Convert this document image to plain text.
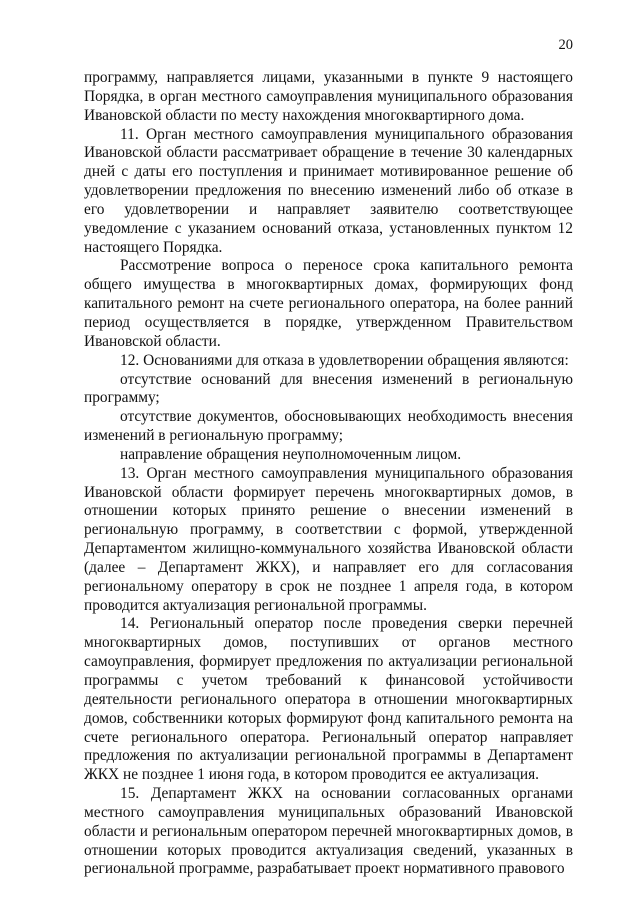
20

программу, направляется лицами, указанными в пункте 9 настоящего Порядка, в орган местного самоуправления муниципального образования Ивановской области по месту нахождения многоквартирного дома.

11. Орган местного самоуправления муниципального образования Ивановской области рассматривает обращение в течение 30 календарных дней с даты его поступления и принимает мотивированное решение об удовлетворении предложения по внесению изменений либо об отказе в его удовлетворении и направляет заявителю соответствующее уведомление с указанием оснований отказа, установленных пунктом 12 настоящего Порядка.

Рассмотрение вопроса о переносе срока капитального ремонта общего имущества в многоквартирных домах, формирующих фонд капитального ремонт на счете регионального оператора, на более ранний период осуществляется в порядке, утвержденном Правительством Ивановской области.

12. Основаниями для отказа в удовлетворении обращения являются:

отсутствие оснований для внесения изменений в региональную программу;

отсутствие документов, обосновывающих необходимость внесения изменений в региональную программу;

направление обращения неуполномоченным лицом.

13. Орган местного самоуправления муниципального образования Ивановской области формирует перечень многоквартирных домов, в отношении которых принято решение о внесении изменений в региональную программу, в соответствии с формой, утвержденной Департаментом жилищно-коммунального хозяйства Ивановской области (далее – Департамент ЖКХ), и направляет его для согласования региональному оператору в срок не позднее 1 апреля года, в котором проводится актуализация региональной программы.

14. Региональный оператор после проведения сверки перечней многоквартирных домов, поступивших от органов местного самоуправления, формирует предложения по актуализации региональной программы с учетом требований к финансовой устойчивости деятельности регионального оператора в отношении многоквартирных домов, собственники которых формируют фонд капитального ремонта на счете регионального оператора. Региональный оператор направляет предложения по актуализации региональной программы в Департамент ЖКХ не позднее 1 июня года, в котором проводится ее актуализация.

15. Департамент ЖКХ на основании согласованных органами местного самоуправления муниципальных образований Ивановской области и региональным оператором перечней многоквартирных домов, в отношении которых проводится актуализация сведений, указанных в региональной программе, разрабатывает проект нормативного правового
